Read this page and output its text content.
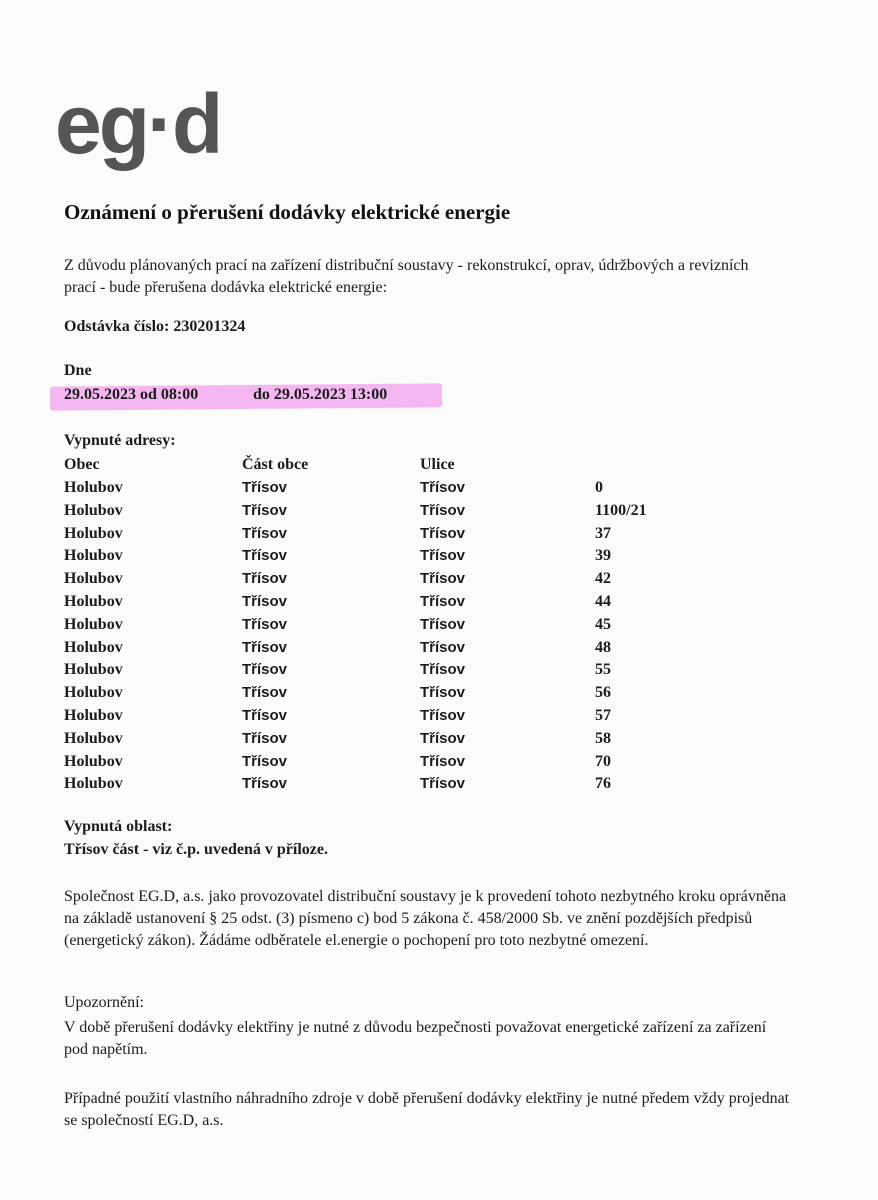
eg·d
Oznámení o přerušení dodávky elektrické energie

Z důvodu plánovaných prací na zařízení distribuční soustavy - rekonstrukcí, oprav, údržbových a revizních prací - bude přerušena dodávka elektrické energie:

Odstávka číslo: 230201324
Dne
29.05.2023 od 08:00	do 29.05.2023 13:00
Vypnuté adresy:
Obec	Část obce	Ulice
Holubov	Třísov	Třísov	0
Holubov	Třísov	Třísov	1100/21
Holubov	Třísov	Třísov	37
Holubov	Třísov	Třísov	39
Holubov	Třísov	Třísov	42
Holubov	Třísov	Třísov	44
Holubov	Třísov	Třísov	45
Holubov	Třísov	Třísov	48
Holubov	Třísov	Třísov	55
Holubov	Třísov	Třísov	56
Holubov	Třísov	Třísov	57
Holubov	Třísov	Třísov	58
Holubov	Třísov	Třísov	70
Holubov	Třísov	Třísov	76
Vypnutá oblast:
Třísov část - viz č.p. uvedená v příloze.

Společnost EG.D, a.s. jako provozovatel distribuční soustavy je k provedení tohoto nezbytného kroku oprávněna na základě ustanovení § 25 odst. (3) písmeno c) bod 5 zákona č. 458/2000 Sb. ve znění pozdějších předpisů (energetický zákon). Žádáme odběratele el.energie o pochopení pro toto nezbytné omezení.

Upozornění:

V době přerušení dodávky elektřiny je nutné z důvodu bezpečnosti považovat energetické zařízení za zařízení pod napětím.

Případné použití vlastního náhradního zdroje v době přerušení dodávky elektřiny je nutné předem vždy projednat se společností EG.D, a.s.
